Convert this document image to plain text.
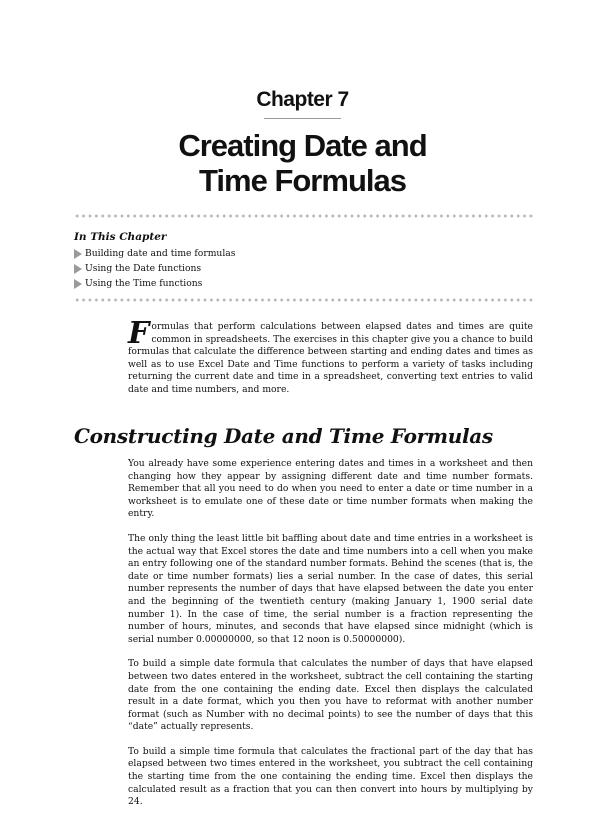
Chapter 7
Creating Date and
Time Formulas
In This Chapter
Building date and time formulas
Using the Date functions
Using the Time functions
Formulas that perform calculations between elapsed dates and times are quite common in spreadsheets. The exercises in this chapter give you a chance to build formulas that calculate the difference between starting and ending dates and times as well as to use Excel Date and Time functions to perform a variety of tasks including returning the current date and time in a spreadsheet, converting text entries to valid date and time numbers, and more.
Constructing Date and Time Formulas

You already have some experience entering dates and times in a worksheet and then changing how they appear by assigning different date and time number formats. Remember that all you need to do when you need to enter a date or time number in a worksheet is to emulate one of these date or time number formats when making the entry.

The only thing the least little bit baffling about date and time entries in a worksheet is the actual way that Excel stores the date and time numbers into a cell when you make an entry following one of the standard number formats. Behind the scenes (that is, the date or time number formats) lies a serial number. In the case of dates, this serial number represents the number of days that have elapsed between the date you enter and the beginning of the twentieth century (making January 1, 1900 serial date number 1). In the case of time, the serial number is a fraction representing the number of hours, minutes, and seconds that have elapsed since midnight (which is serial number 0.00000000, so that 12 noon is 0.50000000).

To build a simple date formula that calculates the number of days that have elapsed between two dates entered in the worksheet, subtract the cell containing the starting date from the one containing the ending date. Excel then displays the calculated result in a date format, which you then you have to reformat with another number format (such as Number with no decimal points) to see the number of days that this “date” actually represents.

To build a simple time formula that calculates the fractional part of the day that has elapsed between two times entered in the worksheet, you subtract the cell containing the starting time from the one containing the ending time. Excel then displays the calculated result as a fraction that you can then convert into hours by multiplying by 24.
